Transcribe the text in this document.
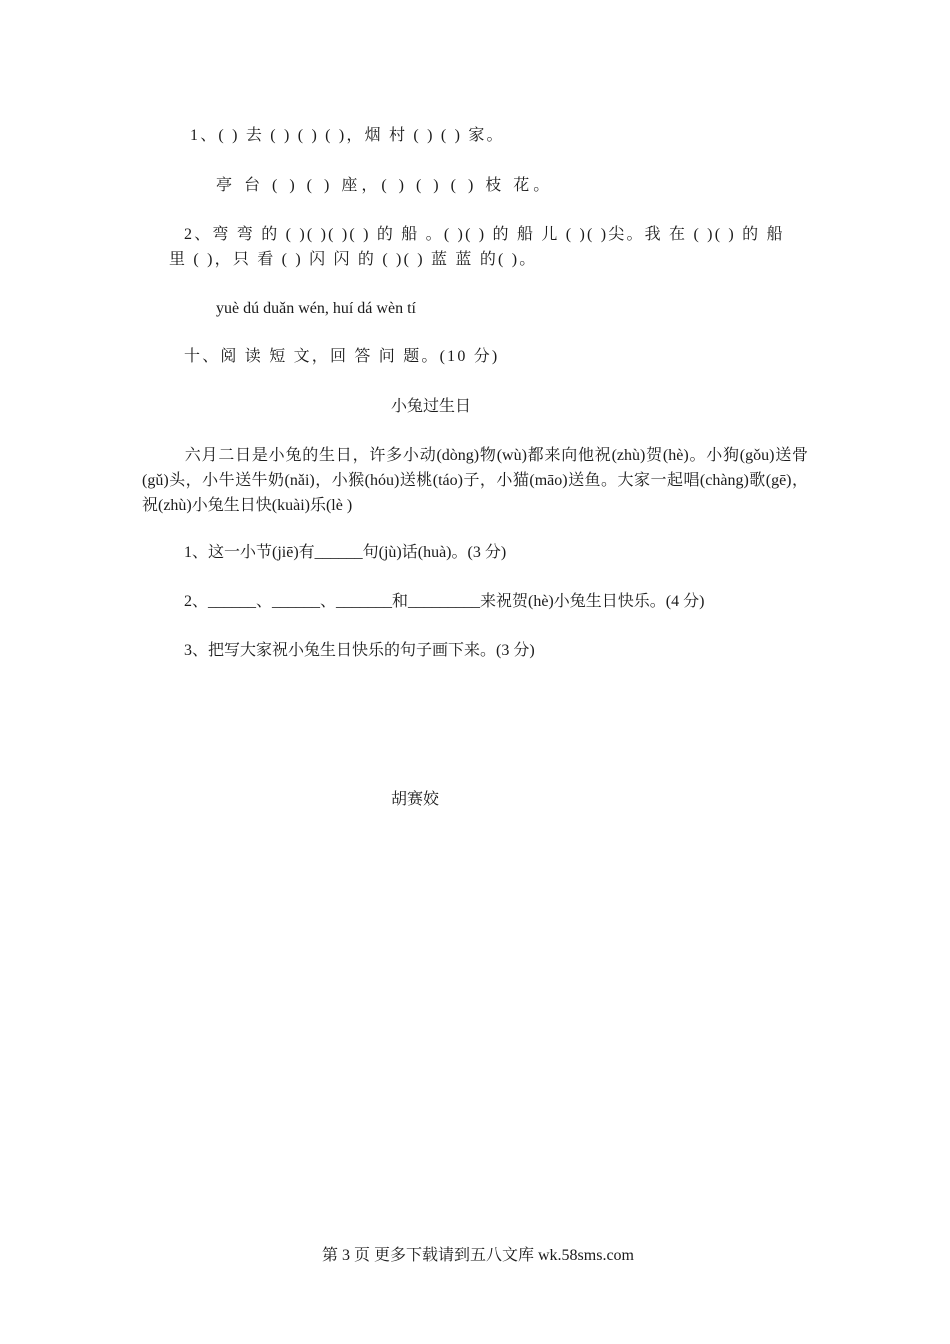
1、( ) 去 ( ) ( ) ( )，烟 村 ( ) ( ) 家。
亭 台 ( ) ( ) 座，( ) ( ) ( ) 枝 花。
2、弯 弯 的 ( )( )( )( ) 的 船 。( )( ) 的 船 儿 ( )( )尖。我 在 ( )( ) 的 船
里 ( )，只 看 ( ) 闪 闪 的 ( )( ) 蓝 蓝 的( )。
yuè dú duǎn wén, huí dá wèn tí
十、阅 读 短 文，回 答 问 题。(10 分)
小兔过生日
六月二日是小兔的生日，许多小动(dòng)物(wù)都来向他祝(zhù)贺(hè)。小狗(gǒu)送骨(gǔ)头，小牛送牛奶(nǎi)，小猴(hóu)送桃(táo)子，小猫(māo)送鱼。大家一起唱(chàng)歌(gē)，祝(zhù)小兔生日快(kuài)乐(lè )
1、这一小节(jiē)有______句(jù)话(huà)。(3 分)
2、______、______、_______和_________来祝贺(hè)小兔生日快乐。(4 分)
3、把写大家祝小兔生日快乐的句子画下来。(3 分)
胡赛姣
第 3 页 更多下载请到五八文库 wk.58sms.com
